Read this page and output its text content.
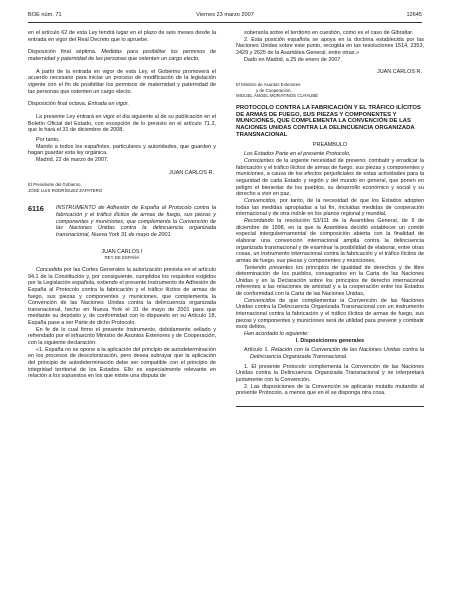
BOE núm. 71	Viernes 23 marzo 2007	12645

en el artículo 62 de esta Ley tendrá lugar en el plazo de seis meses desde la entrada en vigor del Real Decreto que lo apruebe.

Disposición final séptima. Medidas para posibilitar los permisos de maternidad y paternidad de las personas que ostenten un cargo electo.

A partir de la entrada en vigor de esta Ley, el Gobierno promoverá el acuerdo necesario para iniciar un proceso de modificación de la legislación vigente con el fin de posibilitar los permisos de maternidad y paternidad de las personas que ostenten un cargo electo.

Disposición final octava. Entrada en vigor.

La presente Ley entrará en vigor el día siguiente al de su publicación en el Boletín Oficial del Estado, con excepción de lo previsto en el artículo 71.2, que lo hará el 31 de diciembre de 2008.

Por tanto,

Mando a todos los españoles, particulares y autoridades, que guarden y hagan guardar esta ley orgánica.

Madrid, 22 de marzo de 2007.

JUAN CARLOS R.

El Presidente del Gobierno,

JOSÉ LUIS RODRÍGUEZ ZAPATERO

6116	INSTRUMENTO de Adhesión de España al Protocolo contra la fabricación y el tráfico ilícitos de armas de fuego, sus piezas y componentes y municiones, que complementa la Convención de las Naciones Unidas contra la delincuencia organizada transnacional, Nueva York 31 de mayo de 2001.

JUAN CARLOS I

REY DE ESPAÑA

Concedida por las Cortes Generales la autorización prevista en el artículo 94.1 de la Constitución y, por consiguiente, cumplidos los requisitos exigidos por la Legislación española, extiendo el presente Instrumento de Adhesión de España al Protocolo contra la fabricación y el tráfico ilícitos de armas de fuego, sus piezas y componentes y municiones, que complementa la Convención de las Naciones Unidas contra la delincuencia organizada transnacional, hecho en Nueva York el 31 de mayo de 2001 para que mediante su depósito y, de conformidad con lo dispuesto en su Artículo 18, España pase a ser Parte de dicho Protocolo.

En fe de lo cual firmo el presente Instrumento, debidamente sellado y refrendado por el infrascrito Ministro de Asuntos Exteriores y de Cooperación, con la siguiente declaración:

«1. España no se opone a la aplicación del principio de autodeterminación en los procesos de descolonización, pero desea subrayar que la aplicación del principio de autodeterminación debe ser compatible con el principio de integridad territorial de los Estados. Ello es especialmente relevante en relación a los supuestos en los que existe una disputa de

soberanía sobre el territorio en cuestión, como es el caso de Gibraltar.

2. Esta posición española se apoya en la doctrina establecida por las Naciones Unidas sobre este punto, recogida en las resoluciones 1514, 2353, 2429 y 2625 de la Asamblea General, entre otras.»

Dado en Madrid, a 25 de enero de 2007.

JUAN CARLOS R.

El Ministro de Asuntos Exteriores

y de Cooperación,

MIGUEL ÁNGEL MORATINOS CUYAUBÉ

PROTOCOLO CONTRA LA FABRICACIÓN Y EL TRÁFICO ILÍCITOS DE ARMAS DE FUEGO, SUS PIEZAS Y COMPONENTES Y MUNICIONES, QUE COMPLEMENTA LA CONVENCIÓN DE LAS NACIONES UNIDAS CONTRA LA DELINCUENCIA ORGANIZADA TRANSNACIONAL

PREÁMBULO

Los Estados Parte en el presente Protocolo,

Conscientes de la urgente necesidad de prevenir, combatir y erradicar la fabricación y el tráfico ilícitos de armas de fuego, sus piezas y componentes y municiones, a causa de los efectos perjudiciales de estas actividades para la seguridad de cada Estado y región y del mundo en general, que ponen en peligro el bienestar de los pueblos, su desarrollo económico y social y su derecho a vivir en paz,

Convencidos, por tanto, de la necesidad de que los Estados adopten todas las medidas apropiadas a tal fin, incluidas medidas de cooperación internacional y de otra índole en los planos regional y mundial,

Recordando la resolución 53/111 de la Asamblea General, de 9 de diciembre de 1998, en la que la Asamblea decidió establecer un comité especial intergubernamental de composición abierta con la finalidad de elaborar una convención internacional amplia contra la delincuencia organizada transnacional y de examinar la posibilidad de elaborar, entre otras cosas, un instrumento internacional contra la fabricación y el tráfico ilícitos de armas de fuego, sus piezas y componentes y municiones,

Teniendo presentes los principios de igualdad de derechos y de libre determinación de los pueblos, consagrados en la Carta de las Naciones Unidas y en la Declaración sobre los principios de derecho internacional referentes a las relaciones de amistad y a la cooperación entre los Estados de conformidad con la Carta de las Naciones Unidas,

Convencidos de que complementar la Convención de las Naciones Unidas contra la Delincuencia Organizada Transnacional con un instrumento internacional contra la fabricación y el tráfico ilícitos de armas de fuego, sus piezas y componentes y municiones será de utilidad para prevenir y combatir esos delitos,

Han acordado lo siguiente:

I. Disposiciones generales

Artículo 1. Relación con la Convención de las Naciones Unidas contra la Delincuencia Organizada Transnacional.

1. El presente Protocolo complementa la Convención de las Naciones Unidas contra la Delincuencia Organizada Transnacional y se interpretará juntamente con la Convención.

2. Las disposiciones de la Convención se aplicarán mutatis mutandis al presente Protocolo, a menos que en él se disponga otra cosa.
